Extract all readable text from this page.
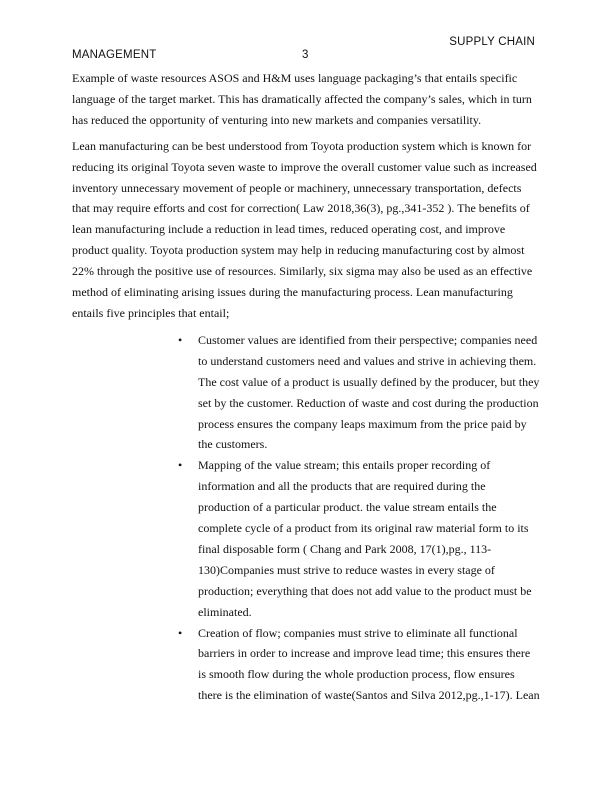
SUPPLY CHAIN
MANAGEMENT	3

Example of waste resources ASOS and H&M uses language packaging’s that entails specific language of the target market. This has dramatically affected the company’s sales, which in turn has reduced the opportunity of venturing into new markets and companies versatility.

Lean manufacturing can be best understood from Toyota production system which is known for reducing its original Toyota seven waste to improve the overall customer value such as increased inventory unnecessary movement of people or machinery, unnecessary transportation, defects that may require efforts and cost for correction( Law 2018,36(3), pg.,341-352 ). The benefits of lean manufacturing include a reduction in lead times, reduced operating cost, and improve product quality. Toyota production system may help in reducing manufacturing cost by almost 22% through the positive use of resources. Similarly, six sigma may also be used as an effective method of eliminating arising issues during the manufacturing process. Lean manufacturing entails five principles that entail;

• Customer values are identified from their perspective; companies need to understand customers need and values and strive in achieving them. The cost value of a product is usually defined by the producer, but they set by the customer. Reduction of waste and cost during the production process ensures the company leaps maximum from the price paid by the customers.
• Mapping of the value stream; this entails proper recording of information and all the products that are required during the production of a particular product. the value stream entails the complete cycle of a product from its original raw material form to its final disposable form ( Chang and Park 2008, 17(1),pg., 113-130)Companies must strive to reduce wastes in every stage of production; everything that does not add value to the product must be eliminated.
• Creation of flow; companies must strive to eliminate all functional barriers in order to increase and improve lead time; this ensures there is smooth flow during the whole production process, flow ensures there is the elimination of waste(Santos and Silva 2012,pg.,1-17). Lean
